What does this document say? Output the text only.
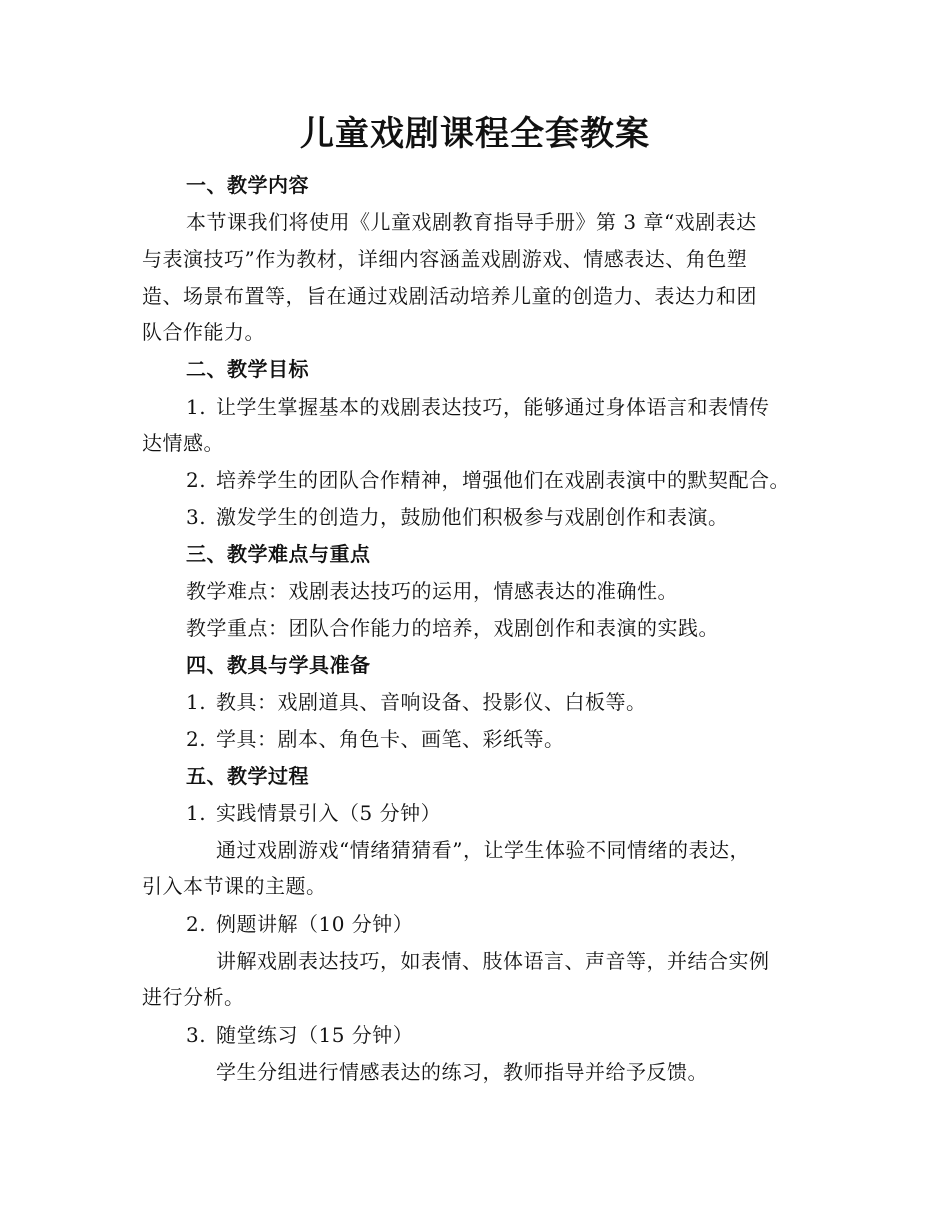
儿童戏剧课程全套教案
一、教学内容
本节课我们将使用《儿童戏剧教育指导手册》第 3 章“戏剧表达
与表演技巧”作为教材，详细内容涵盖戏剧游戏、情感表达、角色塑
造、场景布置等，旨在通过戏剧活动培养儿童的创造力、表达力和团
队合作能力。
二、教学目标
1. 让学生掌握基本的戏剧表达技巧，能够通过身体语言和表情传
达情感。
2. 培养学生的团队合作精神，增强他们在戏剧表演中的默契配合。
3. 激发学生的创造力，鼓励他们积极参与戏剧创作和表演。
三、教学难点与重点
教学难点：戏剧表达技巧的运用，情感表达的准确性。
教学重点：团队合作能力的培养，戏剧创作和表演的实践。
四、教具与学具准备
1. 教具：戏剧道具、音响设备、投影仪、白板等。
2. 学具：剧本、角色卡、画笔、彩纸等。
五、教学过程
1. 实践情景引入（5 分钟）
通过戏剧游戏“情绪猜猜看”，让学生体验不同情绪的表达，
引入本节课的主题。
2. 例题讲解（10 分钟）
讲解戏剧表达技巧，如表情、肢体语言、声音等，并结合实例
进行分析。
3. 随堂练习（15 分钟）
学生分组进行情感表达的练习，教师指导并给予反馈。
